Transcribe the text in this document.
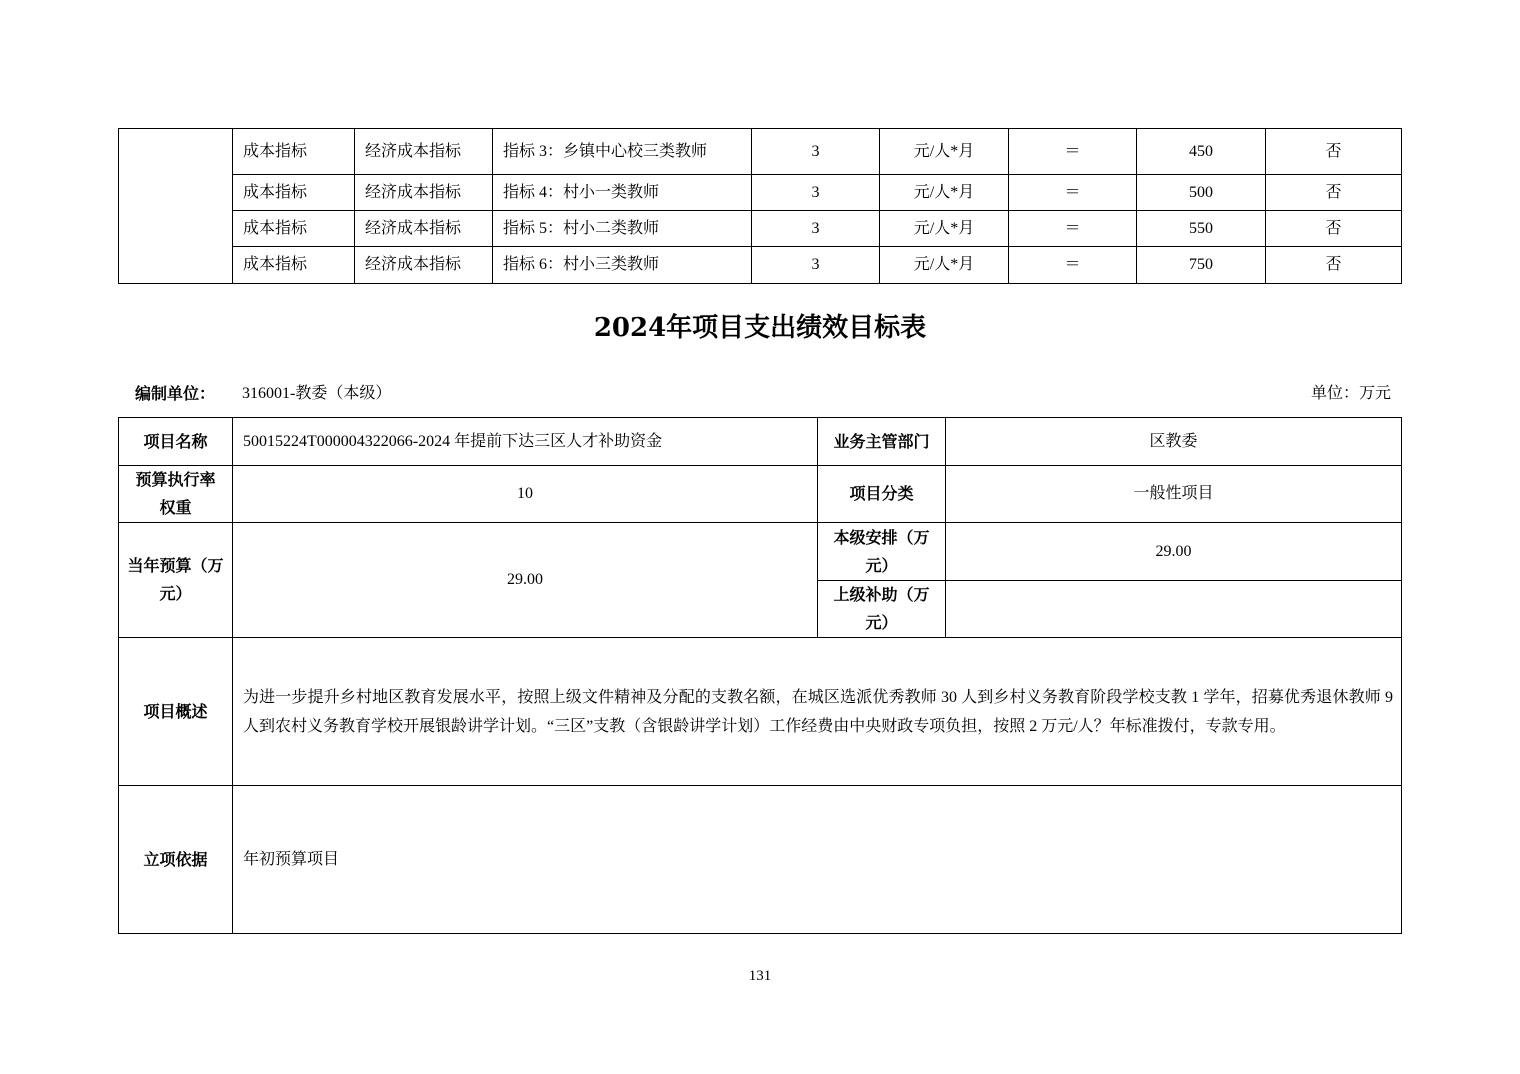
	成本指标	经济成本指标	指标 3：乡镇中心校三类教师	3	元/人*月	＝	450	否
	成本指标	经济成本指标	指标 4：村小一类教师	3	元/人*月	＝	500	否
	成本指标	经济成本指标	指标 5：村小二类教师	3	元/人*月	＝	550	否
	成本指标	经济成本指标	指标 6：村小三类教师	3	元/人*月	＝	750	否
2024年项目支出绩效目标表
编制单位： 316001-教委（本级）	单位：万元
项目名称	50015224T000004322066-2024 年提前下达三区人才补助资金	业务主管部门	区教委
预算执行率权重	10	项目分类	一般性项目
当年预算（万元）	29.00	本级安排（万元）	29.00
		上级补助（万元）	
项目概述	为进一步提升乡村地区教育发展水平，按照上级文件精神及分配的支教名额，在城区选派优秀教师 30 人到乡村义务教育阶段学校支教 1 学年，招募优秀退休教师 9 人到农村义务教育学校开展银龄讲学计划。“三区”支教（含银龄讲学计划）工作经费由中央财政专项负担，按照 2 万元/人？年标准拨付，专款专用。		
立项依据	年初预算项目		
131
